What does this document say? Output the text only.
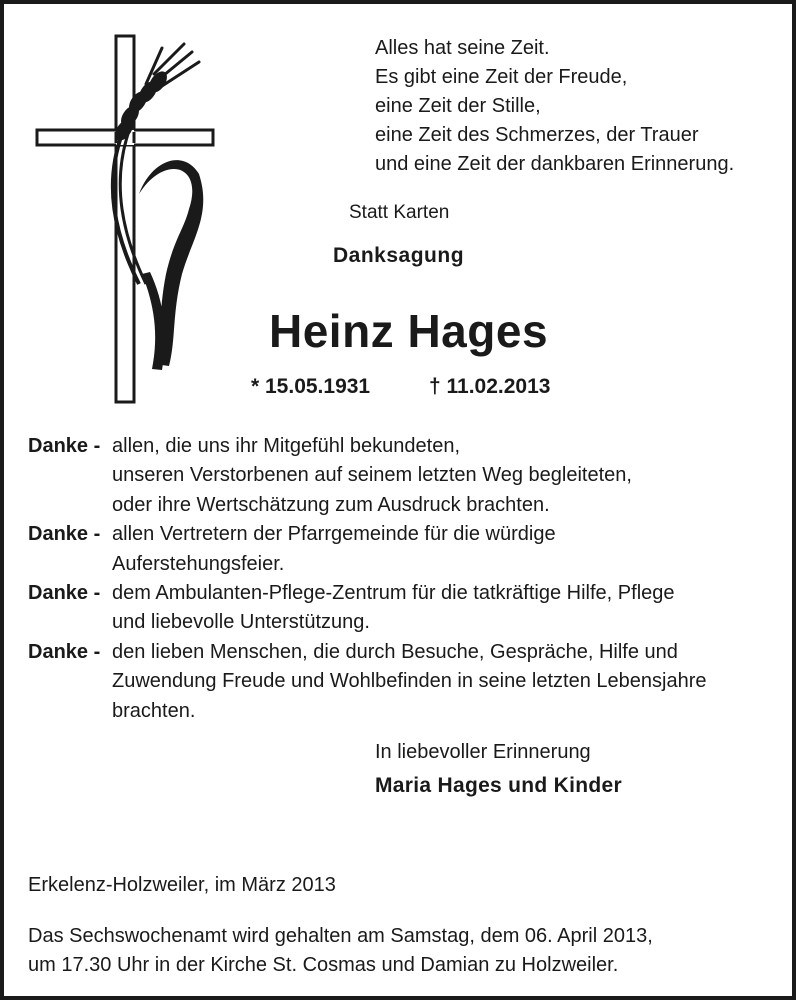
Alles hat seine Zeit.
Es gibt eine Zeit der Freude,
eine Zeit der Stille,
eine Zeit des Schmerzes, der Trauer
und eine Zeit der dankbaren Erinnerung.
Statt Karten
Danksagung
Heinz Hages
* 15.05.1931	† 11.02.2013
Danke - allen, die uns ihr Mitgefühl bekundeten,
unseren Verstorbenen auf seinem letzten Weg begleiteten,
oder ihre Wertschätzung zum Ausdruck brachten.
Danke - allen Vertretern der Pfarrgemeinde für die würdige
Auferstehungsfeier.
Danke - dem Ambulanten-Pflege-Zentrum für die tatkräftige Hilfe, Pflege
und liebevolle Unterstützung.
Danke - den lieben Menschen, die durch Besuche, Gespräche, Hilfe und
Zuwendung Freude und Wohlbefinden in seine letzten Lebensjahre
brachten.
In liebevoller Erinnerung
Maria Hages und Kinder
Erkelenz-Holzweiler, im März 2013
Das Sechswochenamt wird gehalten am Samstag, dem 06. April 2013,
um 17.30 Uhr in der Kirche St. Cosmas und Damian zu Holzweiler.
